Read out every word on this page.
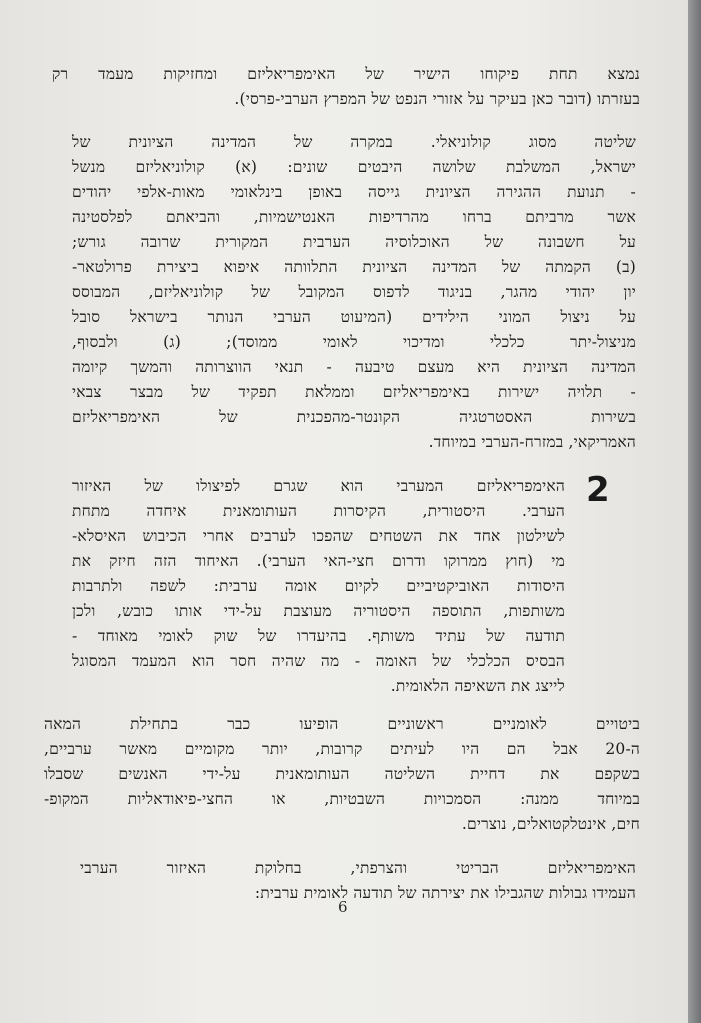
נמצא תחת פיקוחו הישיר של האימפריאליזם ומחזיקות מעמד רק
בעזרתו (דובר כאן בעיקר על אזורי הנפט של המפרץ הערבי-פרסי).
שליטה מסוג קולוניאלי. במקרה של המדינה הציונית של
ישראל, המשלבת שלושה היבטים שונים: (א) קולוניאליזם מנשל
- תנועת ההגירה הציונית גייסה באופן בינלאומי מאות-אלפי יהודים
אשר מרביתם ברחו מהרדיפות האנטישמיות, והביאתם לפלסטינה
על חשבונה של האוכלוסיה הערבית המקורית שרובה גורש;
(ב) הקמתה של המדינה הציונית התלוותה איפוא ביצירת פרולטאר-
יון יהודי מהגר, בניגוד לדפוס המקובל של קולוניאליזם, המבוסס
על ניצול המוני הילידים (המיעוט הערבי הנותר בישראל סובל
מניצול-יתר כלכלי ומדיכוי לאומי ממוסד); (ג) ולבסוף,
המדינה הציונית היא מעצם טיבעה - תנאי הווצרותה והמשך קיומה
- תלויה ישירות באימפריאליזם וממלאת תפקיד של מבצר צבאי
בשירות האסטרטגיה הקונטר-מהפכנית של האימפריאליזם
האמריקאי, במזרח-הערבי במיוחד.
האימפריאליזם המערבי הוא שגרם לפיצולו של האיזור
הערבי. היסטורית, הקיסרות העותומאנית איחדה מתחת
לשילטון אחד את השטחים שהפכו לערבים אחרי הכיבוש האיסלא-
מי (חוץ ממרוקו ודרום חצי-האי הערבי). האיחוד הזה חיזק את
היסודות האוביקטיביים לקיום אומה ערבית: לשפה ולתרבות
משותפות, התוספה היסטוריה מעוצבת על-ידי אותו כובש, ולכן
תודעה של עתיד משותף. בהיעדרו של שוק לאומי מאוחד -
הבסיס הכלכלי של האומה - מה שהיה חסר הוא המעמד המסוגל
לייצג את השאיפה הלאומית.
ביטויים לאומניים ראשוניים הופיעו כבר בתחילת המאה
ה-20 אבל הם היו לעיתים קרובות, יותר מקומיים מאשר ערביים,
בשקפם את דחיית השליטה העותומאנית על-ידי האנשים שסבלו
במיוחד ממנה: הסמכויות השבטיות, או החצי-פיאודאליות המקופ-
חים, אינטלקטואלים, נוצרים.
האימפריאליזם הבריטי והצרפתי, בחלוקת האיזור הערבי
העמידו גבולות שהגבילו את יצירתה של תודעה לאומית ערבית:
2
6
